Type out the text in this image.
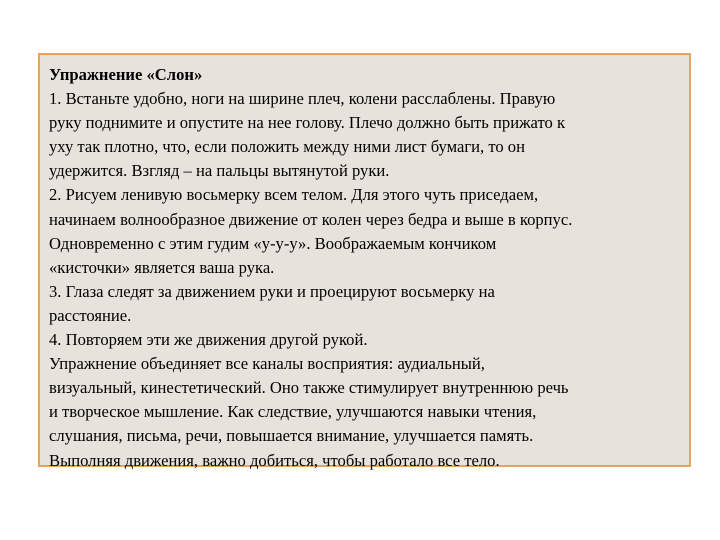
Упражнение «Слон»
1. Встаньте удобно, ноги на ширине плеч, колени расслаблены. Правую
руку поднимите и опустите на нее голову. Плечо должно быть прижато к
уху так плотно, что, если положить между ними лист бумаги, то он
удержится. Взгляд – на пальцы вытянутой руки.
2. Рисуем ленивую восьмерку всем телом. Для этого чуть приседаем,
начинаем волнообразное движение от колен через бедра и выше в корпус.
Одновременно с этим гудим «у-у-у». Воображаемым кончиком
«кисточки» является ваша рука.
3. Глаза следят за движением руки и проецируют восьмерку на
расстояние.
4. Повторяем эти же движения другой рукой.
Упражнение объединяет все каналы восприятия: аудиальный,
визуальный, кинестетический. Оно также стимулирует внутреннюю речь
и творческое мышление. Как следствие, улучшаются навыки чтения,
слушания, письма, речи, повышается внимание, улучшается память.
Выполняя движения, важно добиться, чтобы работало все тело.
